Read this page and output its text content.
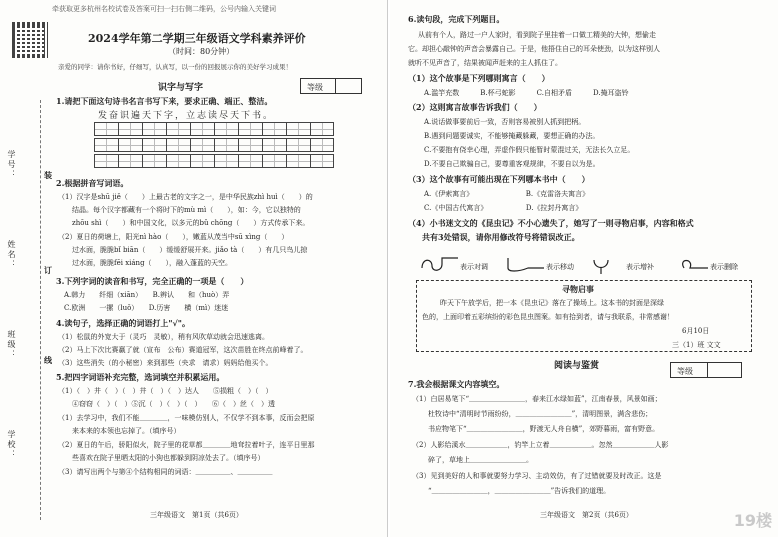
牵获取更多杭州名校试卷及答案可扫一扫右侧二维码，公号内输入关键词
2024学年第二学期三年级语文学科素养评价
（时间：80分钟）
亲爱的同学：请你书好，仔细写，认真写，以一份的回报展示你的美好学习成果！
等级
识字与写字
1.请把下面这句诗书名言书写下来，要求正确、端正、整洁。
发奋识遍天下字，立志读尽天下书。
2.根据拼音写词语。
（1）汉字是shū jiě（　　）上最古老的文字之一，是中华民族zhì huì（　　）的
结晶。每个汉字都藏有一个将时下的mù mì（　　），如：今，它以独特的
zhōu shì（　　）和中国文化，以多元的bǔ chōng（　　）方式传承下来。
（2）夏日的荷塘上，阳光nì hào（　　），嫩蓝从茂当中sū xìng（　　）
过水面，脆脆bǐ biān（　　）缓缓舒展开来。jiǎo tà（　　）有几只鸟儿掠
过水面，脆脆fēi xiáng（　　），融入蓬蓝的天空。
3.下列字词的读音和书写，完全正确的一项是（　　）
A.韩力　　纤细（xiān）　　B.辨认　　和（huò）弄
C.欧洲　　一摞（luǒ）　　D.历害　　横（mì）迷迷
4.读句子，选择正确的词语打上"√"。
（1）松鼠的外宽大于（灵巧　灵敏），稍有风吹草动就会迅速逃离。
（2）马上下次比赛赢了就（宣布　公布）赛道冠军，这次苗胜在终点前峰着了。
（3）这些消失（的小秘密）来到那些（央求　请求）妈妈给他买个。
5.把四字词语补充完整，选词填空并积累运用。
（1）（　）井（　）（　）井（　）（　）达人　　⑤损粗（　）（　）
　　④窃窃（　）（　）⑤沉（　）（　）（　）　　⑥（　）丝（　）透
（1）去学习中，我们不能＿＿＿＿，一味模仿别人，不仅学不到本事，反而会把原
来本来的本领也忘掉了。（填序号）
（2）夏日的午后，骄阳似火，院子里的花草都＿＿＿＿地耷拉着叶子，连平日里那
些喜欢在院子里晒太阳的小狗也都躲到阴凉处去了。（填序号）
（3）请写出两个与第④个结构相同的词语：＿＿＿＿＿、＿＿＿＿＿
学号：
姓名：
班级：
学校：
装
订
线
三年级语文　第1页（共6页）
6.读句段，完成下列题目。
从前有个人，路过一户人家时，看到院子里挂着一口做工精美的大钟，想偷走
它。却担心敲钟的声音会暴露自己。于是，他捂住自己的耳朵使劲，以为这样别人
就听不见声音了，结果被闻声赶来的主人抓住了。
（1）这个故事是下列哪则寓言（　　）
A.滥竽充数　　　B.杯弓蛇影　　　C.自相矛盾　　　D.掩耳盗铃
（2）这则寓言故事告诉我们（　　）
A.说话做事要前后一致，否则容易被别人抓到把柄。
B.遇到问题要诚实，不能够掩藏躲藏，要想正确的办法。
C.不要抱有侥幸心理，弄虚作假只能暂时蒙混过关，无法长久立足。
D.不要自己欺骗自己，要尊重客观规律，不要自以为是。
（3）这个故事有可能出现在下列哪本书中（　　）
A.《伊索寓言》　　　　　　　　B.《克雷洛夫寓言》
C.《中国古代寓言》　　　　　　D.《拉封丹寓言》
（4）小书迷文文的《昆虫记》不小心遗失了，她写了一则寻物启事，内容和格式
共有3处错误，请你用修改符号将错误改正。
表示对调	表示移动	表示增补	表示删除
寻物启事
昨天下午放学后，把一本《昆虫记》落在了操场上。这本书的封面是深绿
色的，上面印着五彩缤纷的彩色昆虫图案。如有拾到者，请与我联系，非常感谢！
6月10日
三（1）班 文文
阅读与鉴赏
等级
7.我会根据课文内容填空。
（1）白居易笔下“＿＿＿＿＿＿＿＿，春来江水绿如蓝”，江南春景，风景如画；
杜牧诗中“清明时节雨纷纷，＿＿＿＿＿＿＿＿”，清明图景，满含悲伤；
书应物笔下“＿＿＿＿＿＿＿＿，野渡无人舟自横”，郊野暮雨，富有野意。
（2）人影给溪水＿＿＿＿＿＿，钓竿上立着＿＿＿＿＿＿。忽然＿＿＿＿＿＿人影
碎了，草地上＿＿＿＿＿＿＿＿。
（3）见到美好的人和事就要努力学习、主动效仿，有了过错就要及时改正。这是
“＿＿＿＿＿＿＿＿，＿＿＿＿＿＿＿＿”告诉我们的道理。
三年级语文　第2页（共6页）	19楼
